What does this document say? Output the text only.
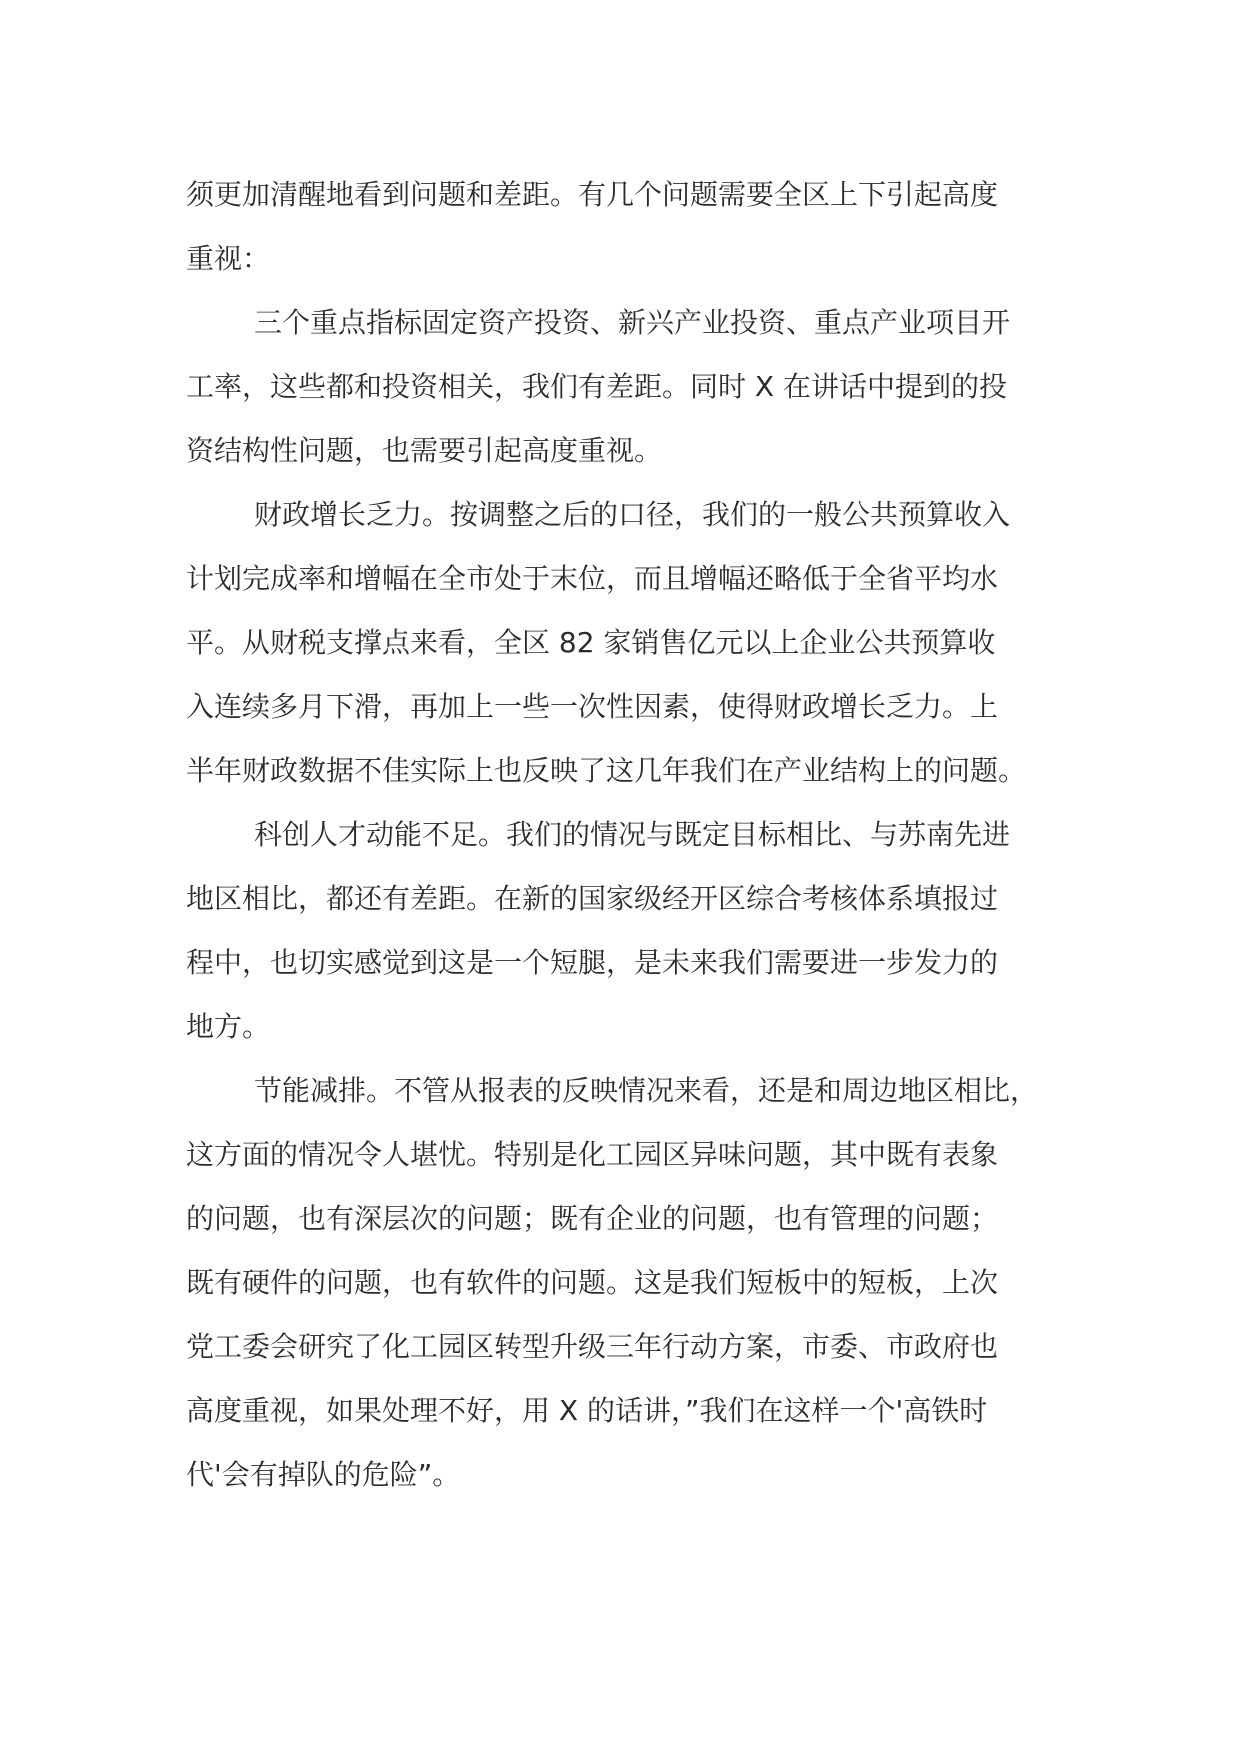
须更加清醒地看到问题和差距。有几个问题需要全区上下引起高度
重视：
三个重点指标固定资产投资、新兴产业投资、重点产业项目开
工率，这些都和投资相关，我们有差距。同时 X 在讲话中提到的投
资结构性问题，也需要引起高度重视。
财政增长乏力。按调整之后的口径，我们的一般公共预算收入
计划完成率和增幅在全市处于末位，而且增幅还略低于全省平均水
平。从财税支撑点来看，全区 82 家销售亿元以上企业公共预算收
入连续多月下滑，再加上一些一次性因素，使得财政增长乏力。上
半年财政数据不佳实际上也反映了这几年我们在产业结构上的问题。
科创人才动能不足。我们的情况与既定目标相比、与苏南先进
地区相比，都还有差距。在新的国家级经开区综合考核体系填报过
程中，也切实感觉到这是一个短腿，是未来我们需要进一步发力的
地方。
节能减排。不管从报表的反映情况来看，还是和周边地区相比，
这方面的情况令人堪忧。特别是化工园区异味问题，其中既有表象
的问题，也有深层次的问题；既有企业的问题，也有管理的问题；
既有硬件的问题，也有软件的问题。这是我们短板中的短板，上次
党工委会研究了化工园区转型升级三年行动方案，市委、市政府也
高度重视，如果处理不好，用 X 的话讲，”我们在这样一个'高铁时
代'会有掉队的危险”。
